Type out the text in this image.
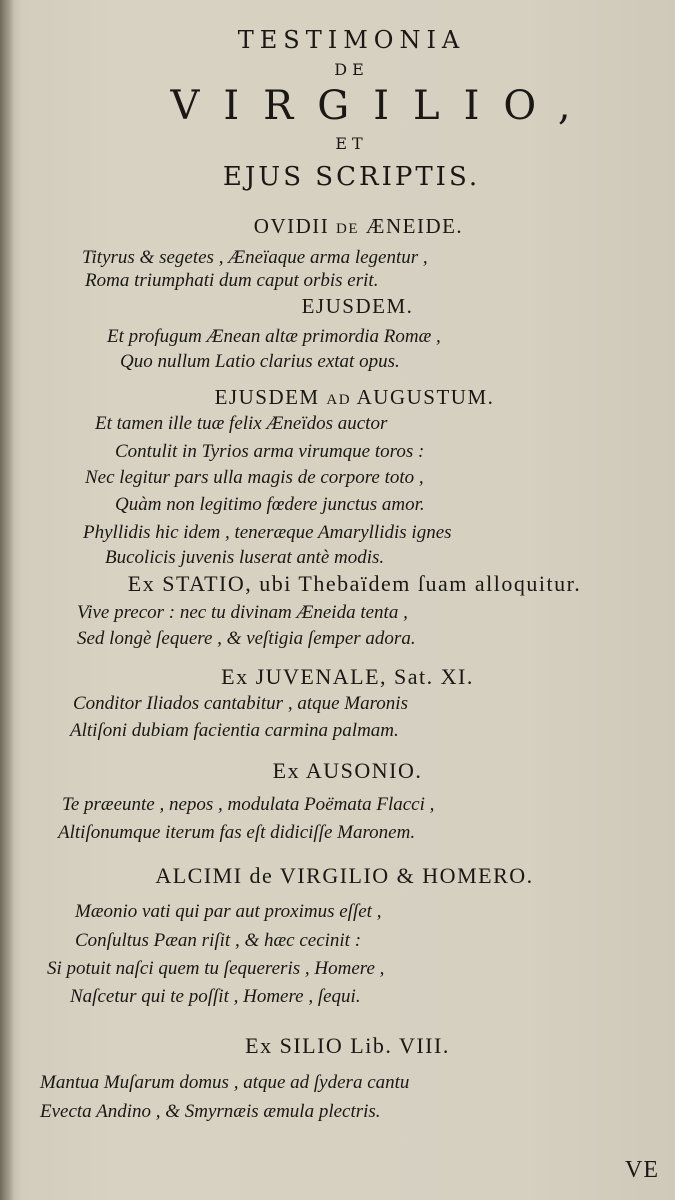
TESTIMONIA
DE
VIRGILIO,
ET
EJUS SCRIPTIS.
OVIDII DE ÆNEIDE.
Tityrus & segetes , Æneïaque arma legentur ,
Roma triumphati dum caput orbis erit.
EJUSDEM.
Et profugum Ænean altæ primordia Romæ ,
Quo nullum Latio clarius extat opus.
EJUSDEM AD AUGUSTUM.
Et tamen ille tuæ felix Æneïdos auctor
Contulit in Tyrios arma virumque toros :
Nec legitur pars ulla magis de corpore toto ,
Quàm non legitimo fœdere junctus amor.
Phyllidis hic idem , teneræque Amaryllidis ignes
Bucolicis juvenis luserat antè modis.
Ex STATIO, ubi Thebaïdem ſuam alloquitur.
Vive precor : nec tu divinam Æneida tenta ,
Sed longè ſequere , & veſtigia ſemper adora.
Ex JUVENALE, Sat. XI.
Conditor Iliados cantabitur , atque Maronis
Altiſoni dubiam facientia carmina palmam.
Ex AUSONIO.
Te præeunte , nepos , modulata Poëmata Flacci ,
Altiſonumque iterum fas eſt didiciſſe Maronem.
ALCIMI de VIRGILIO & HOMERO.
Mæonio vati qui par aut proximus eſſet ,
Conſultus Pæan riſit , & hæc cecinit :
Si potuit naſci quem tu ſequereris , Homere ,
Naſcetur qui te poſſit , Homere , ſequi.
Ex SILIO Lib. VIII.
Mantua Muſarum domus , atque ad ſydera cantu
Evecta Andino , & Smyrnæis æmula plectris.
VE
